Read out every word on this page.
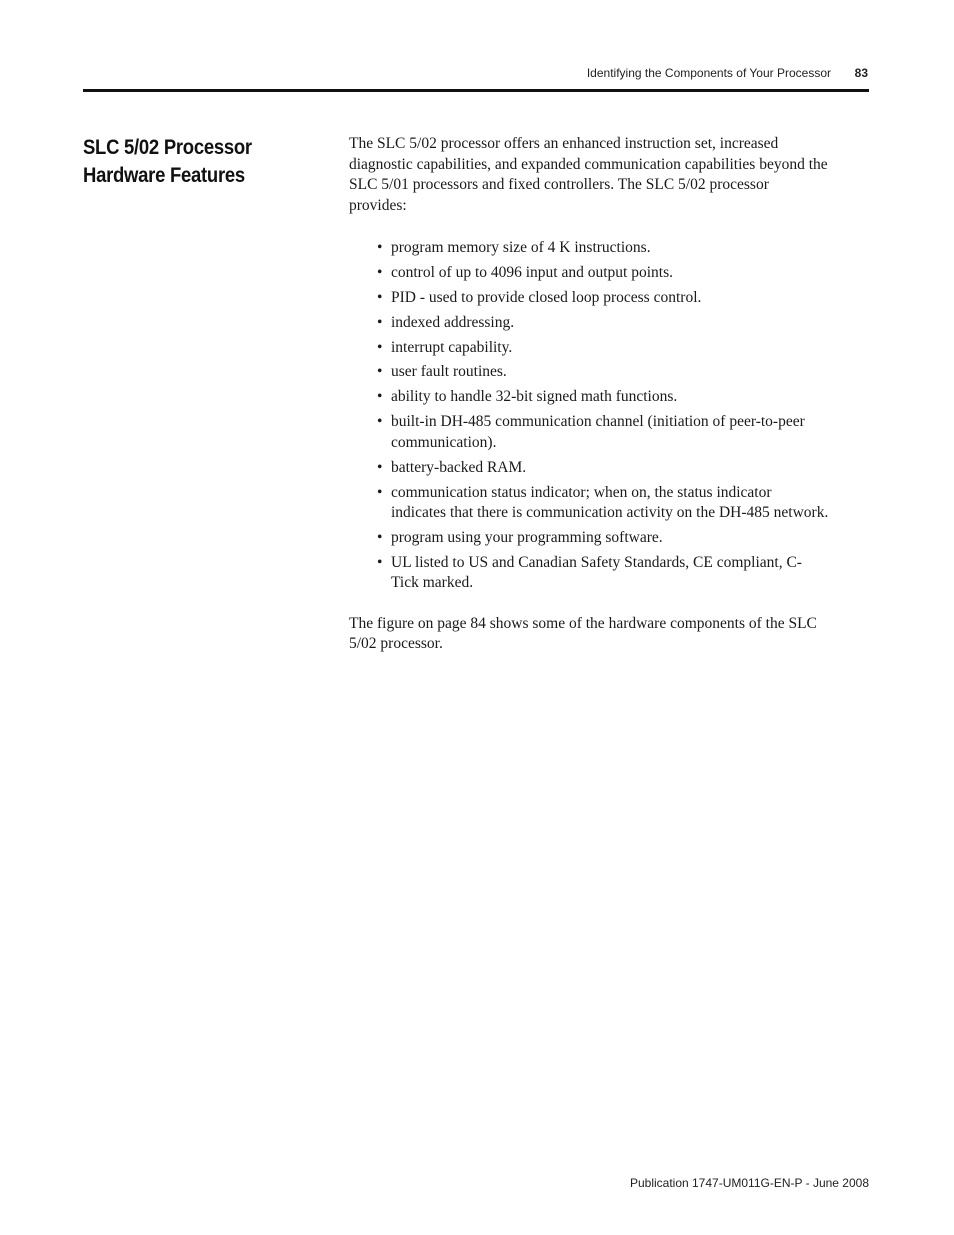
Identifying the Components of Your Processor 83
SLC 5/02 Processor
Hardware Features

The SLC 5/02 processor offers an enhanced instruction set, increased diagnostic capabilities, and expanded communication capabilities beyond the SLC 5/01 processors and fixed controllers. The SLC 5/02 processor provides:

• program memory size of 4 K instructions.
• control of up to 4096 input and output points.
• PID - used to provide closed loop process control.
• indexed addressing.
• interrupt capability.
• user fault routines.
• ability to handle 32-bit signed math functions.
• built-in DH-485 communication channel (initiation of peer-to-peer communication).
• battery-backed RAM.
• communication status indicator; when on, the status indicator indicates that there is communication activity on the DH-485 network.
• program using your programming software.
• UL listed to US and Canadian Safety Standards, CE compliant, C-Tick marked.

The figure on page 84 shows some of the hardware components of the SLC 5/02 processor.

Publication 1747-UM011G-EN-P - June 2008
